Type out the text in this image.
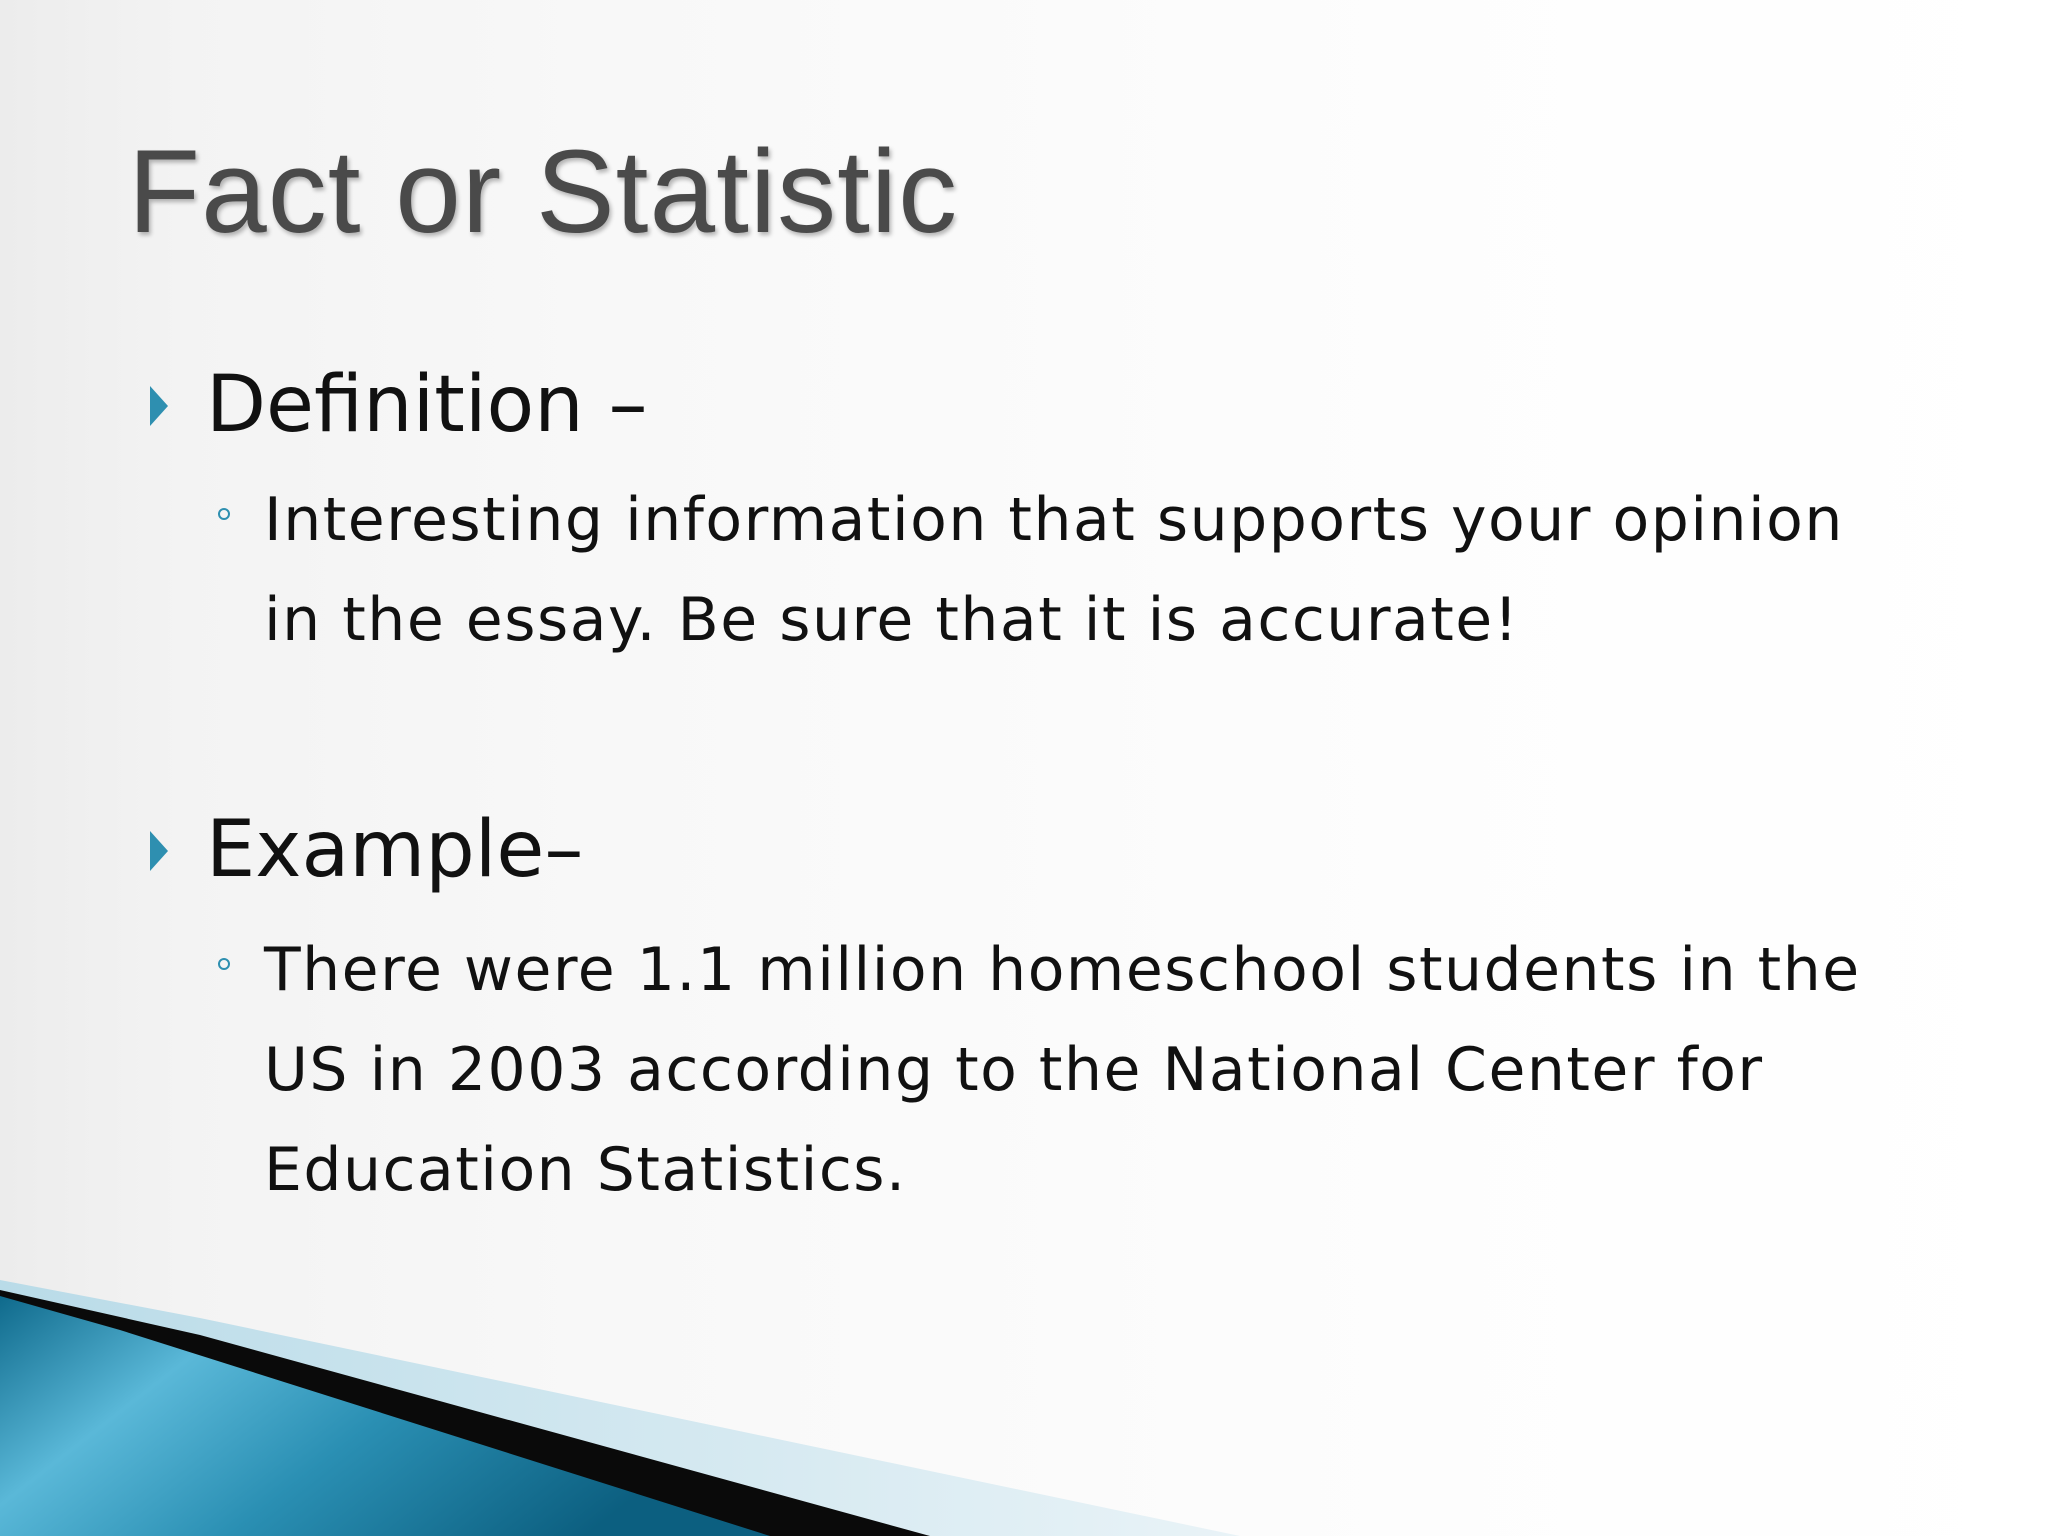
Fact or Statistic
Definition –
Interesting information that supports your opinion
in the essay. Be sure that it is accurate!
Example–
There were 1.1 million homeschool students in the
US in 2003 according to the National Center for
Education Statistics.
